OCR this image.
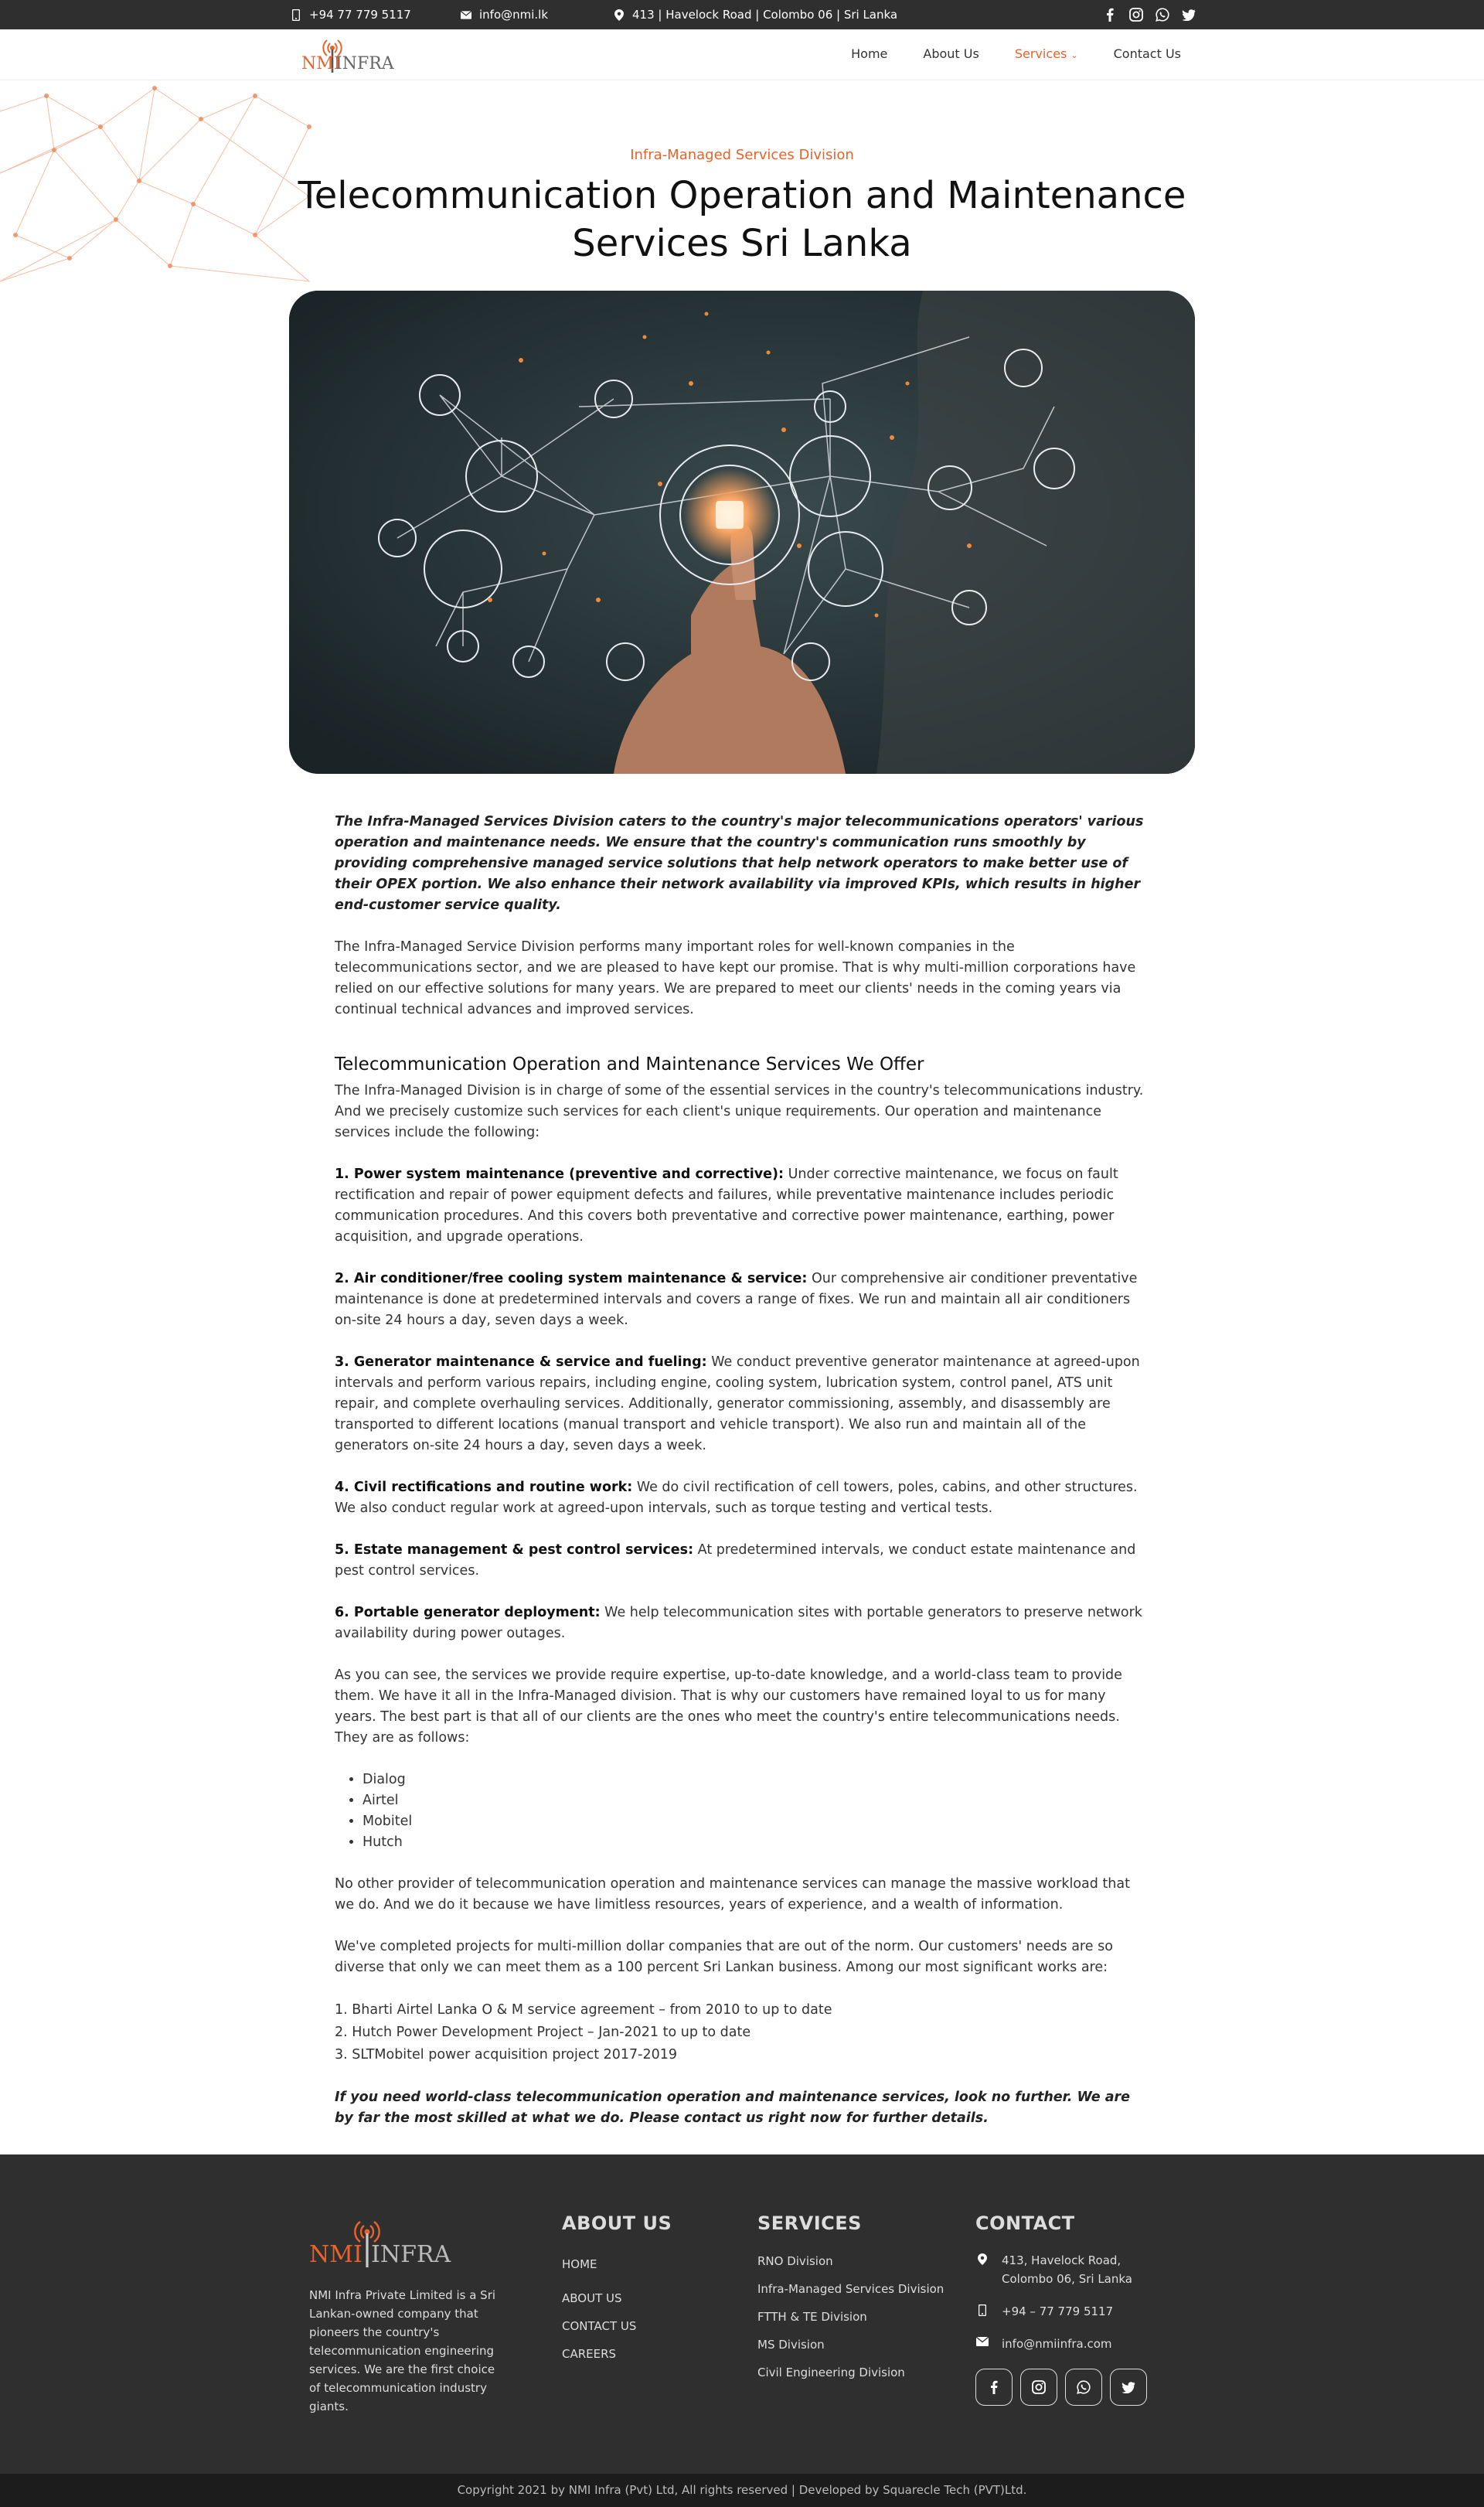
+94 77 779 5117	info@nmi.lk	413 | Havelock Road | Colombo 06 | Sri Lanka
NMI
INFRA
Home	About Us	Services ⌄	Contact Us
Infra-Managed Services Division
Telecommunication Operation and Maintenance Services Sri Lanka

The Infra-Managed Services Division caters to the country's major telecommunications operators' various operation and maintenance needs. We ensure that the country's communication runs smoothly by providing comprehensive managed service solutions that help network operators to make better use of their OPEX portion. We also enhance their network availability via improved KPIs, which results in higher end-customer service quality.

The Infra-Managed Service Division performs many important roles for well-known companies in the telecommunications sector, and we are pleased to have kept our promise. That is why multi-million corporations have relied on our effective solutions for many years. We are prepared to meet our clients' needs in the coming years via continual technical advances and improved services.

Telecommunication Operation and Maintenance Services We Offer

The Infra-Managed Division is in charge of some of the essential services in the country's telecommunications industry. And we precisely customize such services for each client's unique requirements. Our operation and maintenance services include the following:

1. Power system maintenance (preventive and corrective): Under corrective maintenance, we focus on fault rectification and repair of power equipment defects and failures, while preventative maintenance includes periodic communication procedures. And this covers both preventative and corrective power maintenance, earthing, power acquisition, and upgrade operations.

2. Air conditioner/free cooling system maintenance & service: Our comprehensive air conditioner preventative maintenance is done at predetermined intervals and covers a range of fixes. We run and maintain all air conditioners on-site 24 hours a day, seven days a week.

3. Generator maintenance & service and fueling: We conduct preventive generator maintenance at agreed-upon intervals and perform various repairs, including engine, cooling system, lubrication system, control panel, ATS unit repair, and complete overhauling services. Additionally, generator commissioning, assembly, and disassembly are transported to different locations (manual transport and vehicle transport). We also run and maintain all of the generators on-site 24 hours a day, seven days a week.

4. Civil rectifications and routine work: We do civil rectification of cell towers, poles, cabins, and other structures. We also conduct regular work at agreed-upon intervals, such as torque testing and vertical tests.

5. Estate management & pest control services: At predetermined intervals, we conduct estate maintenance and pest control services.

6. Portable generator deployment: We help telecommunication sites with portable generators to preserve network availability during power outages.

As you can see, the services we provide require expertise, up-to-date knowledge, and a world-class team to provide them. We have it all in the Infra-Managed division. That is why our customers have remained loyal to us for many years. The best part is that all of our clients are the ones who meet the country's entire telecommunications needs. They are as follows:

• Dialog
• Airtel
• Mobitel
• Hutch

No other provider of telecommunication operation and maintenance services can manage the massive workload that we do. And we do it because we have limitless resources, years of experience, and a wealth of information.

We've completed projects for multi-million dollar companies that are out of the norm. Our customers' needs are so diverse that only we can meet them as a 100 percent Sri Lankan business. Among our most significant works are:

1. Bharti Airtel Lanka O & M service agreement – from 2010 to up to date
2. Hutch Power Development Project – Jan-2021 to up to date
3. SLTMobitel power acquisition project 2017-2019

If you need world-class telecommunication operation and maintenance services, look no further. We are by far the most skilled at what we do. Please contact us right now for further details.

NMI INFRA
NMI Infra Private Limited is a Sri Lankan-owned company that pioneers the country's telecommunication engineering services. We are the first choice of telecommunication industry giants.
ABOUT US
HOME
ABOUT US
CONTACT US
CAREERS
SERVICES
RNO Division
Infra-Managed Services Division
FTTH & TE Division
MS Division
Civil Engineering Division
CONTACT
413, Havelock Road, Colombo 06, Sri Lanka
+94 – 77 779 5117
info@nmiinfra.com
Copyright 2021 by NMI Infra (Pvt) Ltd, All rights reserved | Developed by Squarecle Tech (PVT)Ltd.
